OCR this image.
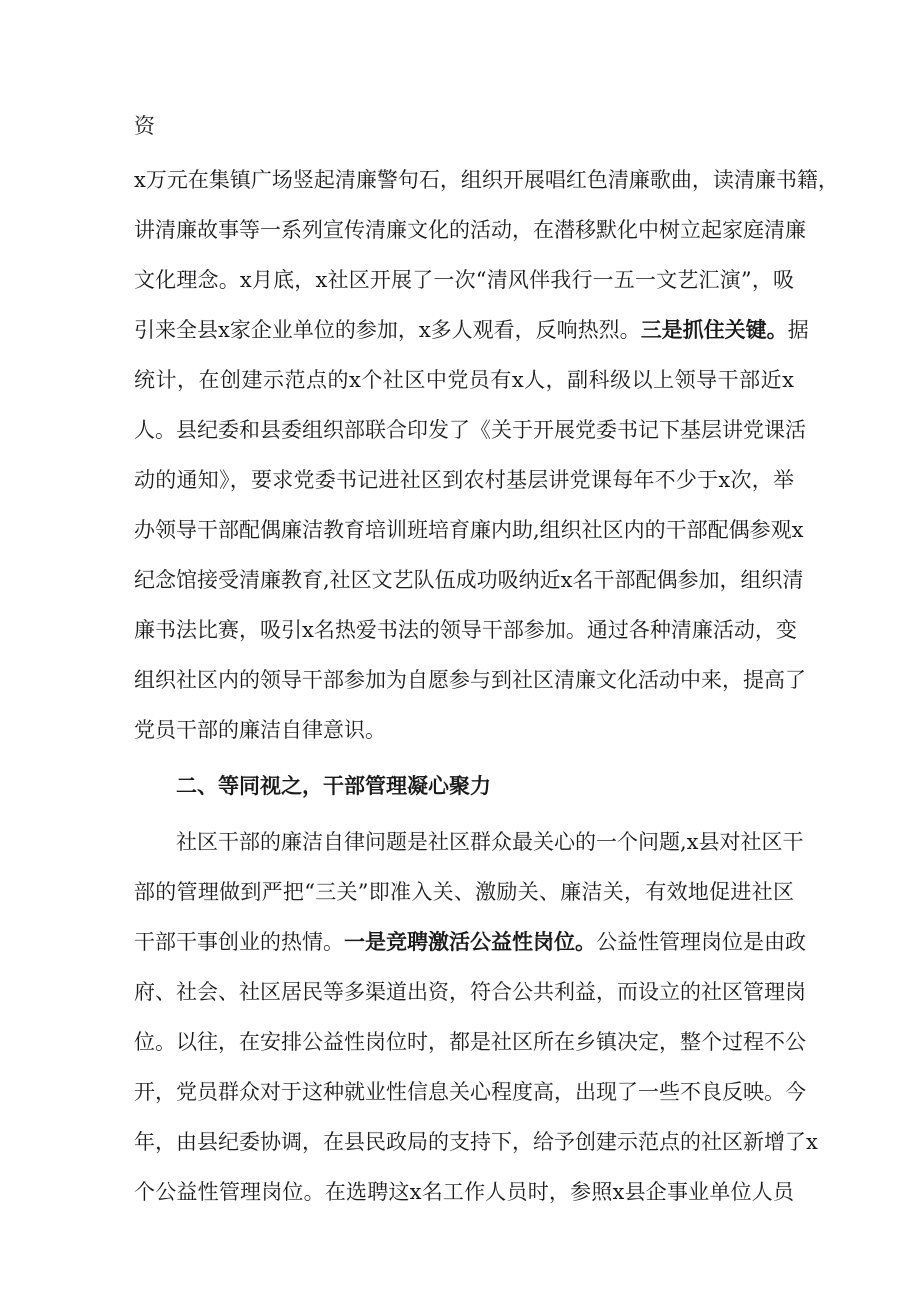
资
x万元在集镇广场竖起清廉警句石，组织开展唱红色清廉歌曲，读清廉书籍，
讲清廉故事等一系列宣传清廉文化的活动，在潜移默化中树立起家庭清廉
文化理念。x月底，x社区开展了一次“清风伴我行一五一文艺汇演”，吸
引来全县x家企业单位的参加，x多人观看，反响热烈。三是抓住关键。据
统计，在创建示范点的x个社区中党员有x人，副科级以上领导干部近x
人。县纪委和县委组织部联合印发了《关于开展党委书记下基层讲党课活
动的通知》，要求党委书记进社区到农村基层讲党课每年不少于x次，举
办领导干部配偶廉洁教育培训班培育廉内助,组织社区内的干部配偶参观x
纪念馆接受清廉教育,社区文艺队伍成功吸纳近x名干部配偶参加，组织清
廉书法比赛，吸引x名热爱书法的领导干部参加。通过各种清廉活动，变
组织社区内的领导干部参加为自愿参与到社区清廉文化活动中来，提高了
党员干部的廉洁自律意识。
二、等同视之，干部管理凝心聚力
社区干部的廉洁自律问题是社区群众最关心的一个问题,x县对社区干
部的管理做到严把“三关”即准入关、激励关、廉洁关，有效地促进社区
干部干事创业的热情。一是竞聘激活公益性岗位。公益性管理岗位是由政
府、社会、社区居民等多渠道出资，符合公共利益，而设立的社区管理岗
位。以往，在安排公益性岗位时，都是社区所在乡镇决定，整个过程不公
开，党员群众对于这种就业性信息关心程度高，出现了一些不良反映。今
年，由县纪委协调，在县民政局的支持下，给予创建示范点的社区新增了x
个公益性管理岗位。在选聘这x名工作人员时，参照x县企事业单位人员
